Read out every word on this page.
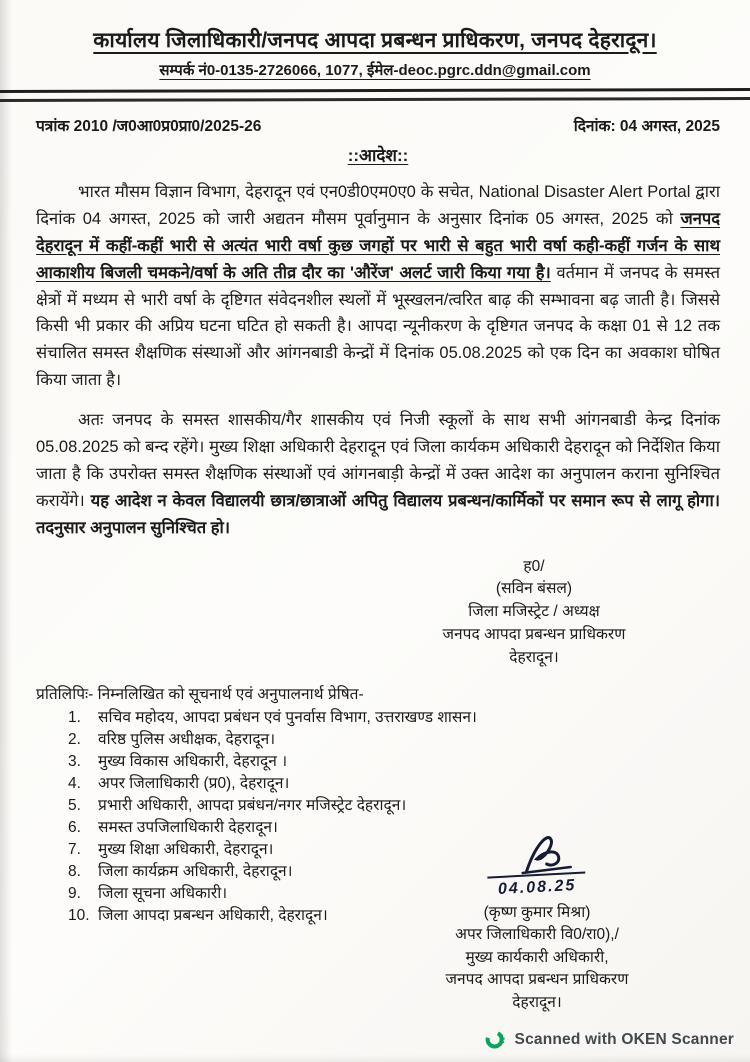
कार्यालय जिलाधिकारी/जनपद आपदा प्रबन्धन प्राधिकरण, जनपद देहरादून।
सम्पर्क नं0-0135-2726066, 1077, ईमेल-deoc.pgrc.ddn@gmail.com
पत्रांक 2010 /ज0आ0प्र0प्रा0/2025-26	दिनांक: 04 अगस्त, 2025
::आदेश::
भारत मौसम विज्ञान विभाग, देहरादून एवं एन0डी0एम0ए0 के सचेत, National Disaster Alert Portal द्वारा दिनांक 04 अगस्त, 2025 को जारी अद्यतन मौसम पूर्वानुमान के अनुसार दिनांक 05 अगस्त, 2025 को जनपद देहरादून में कहीं-कहीं भारी से अत्यंत भारी वर्षा कुछ जगहों पर भारी से बहुत भारी वर्षा कही-कहीं गर्जन के साथ आकाशीय बिजली चमकने/वर्षा के अति तीव्र दौर का 'औरेंज' अलर्ट जारी किया गया है। वर्तमान में जनपद के समस्त क्षेत्रों में मध्यम से भारी वर्षा के दृष्टिगत संवेदनशील स्थलों में भूस्खलन/त्वरित बाढ़ की सम्भावना बढ़ जाती है। जिससे किसी भी प्रकार की अप्रिय घटना घटित हो सकती है। आपदा न्यूनीकरण के दृष्टिगत जनपद के कक्षा 01 से 12 तक संचालित समस्त शैक्षणिक संस्थाओं और आंगनबाडी केन्द्रों में दिनांक 05.08.2025 को एक दिन का अवकाश घोषित किया जाता है।
अतः जनपद के समस्त शासकीय/गैर शासकीय एवं निजी स्कूलों के साथ सभी आंगनबाडी केन्द्र दिनांक 05.08.2025 को बन्द रहेंगे। मुख्य शिक्षा अधिकारी देहरादून एवं जिला कार्यकम अधिकारी देहरादून को निर्देशित किया जाता है कि उपरोक्त समस्त शैक्षणिक संस्थाओं एवं आंगनबाड़ी केन्द्रों में उक्त आदेश का अनुपालन कराना सुनिश्चित करायेंगे। यह आदेश न केवल विद्यालयी छात्र/छात्राओं अपितु विद्यालय प्रबन्धन/कार्मिकों पर समान रूप से लागू होगा। तदनुसार अनुपालन सुनिश्चित हो।
ह0/
(सविन बंसल)
जिला मजिस्ट्रेट / अध्यक्ष
जनपद आपदा प्रबन्धन प्राधिकरण
देहरादून।
प्रतिलिपिः- निम्नलिखित को सूचनार्थ एवं अनुपालनार्थ प्रेषित-
1.	सचिव महोदय, आपदा प्रबंधन एवं पुनर्वास विभाग, उत्तराखण्ड शासन।
2.	वरिष्ठ पुलिस अधीक्षक, देहरादून।
3.	मुख्य विकास अधिकारी, देहरादून ।
4.	अपर जिलाधिकारी (प्र0), देहरादून।
5.	प्रभारी अधिकारी, आपदा प्रबंधन/नगर मजिस्ट्रेट देहरादून।
6.	समस्त उपजिलाधिकारी देहरादून।
7.	मुख्य शिक्षा अधिकारी, देहरादून।
8.	जिला कार्यक्रम अधिकारी, देहरादून।
9.	जिला सूचना अधिकारी।
10. जिला आपदा प्रबन्धन अधिकारी, देहरादून।
04.08.25
(कृष्ण कुमार मिश्रा)
अपर जिलाधिकारी वि0/रा0),/
मुख्य कार्यकारी अधिकारी,
जनपद आपदा प्रबन्धन प्राधिकरण
देहरादून।
Scanned with OKEN Scanner
